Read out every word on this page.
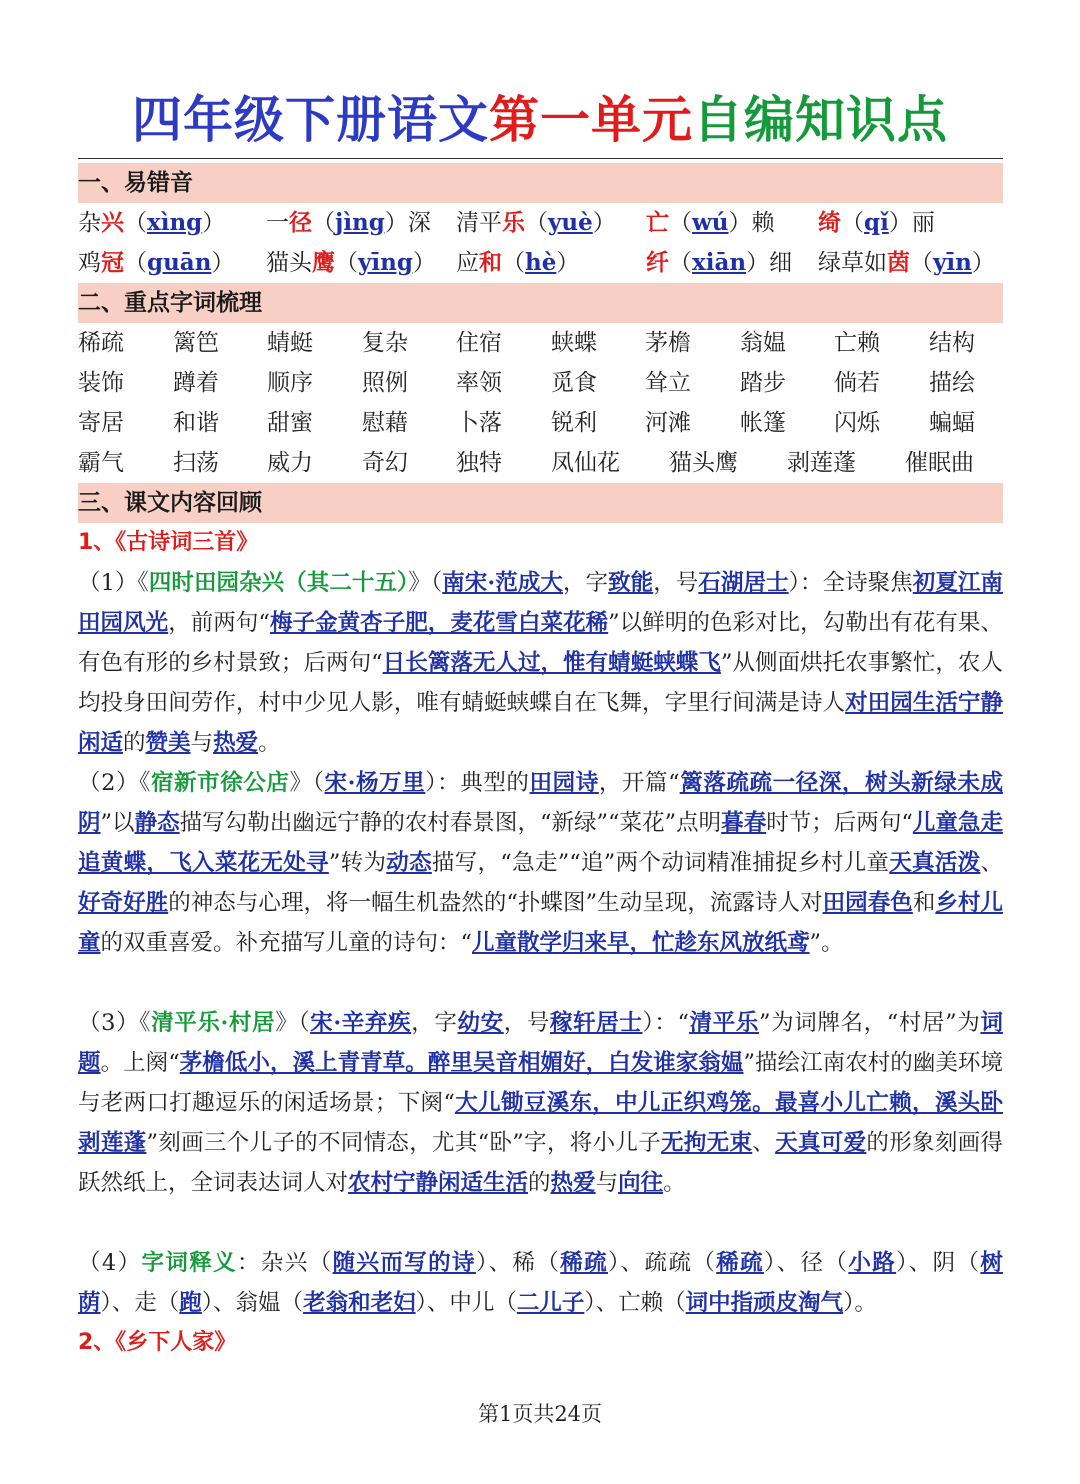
四年级下册语文第一单元自编知识点
一、易错音
杂兴（xìng） 一径（jìng）深 清平乐（yuè） 亡（wú）赖 绮（qǐ）丽
鸡冠（guān） 猫头鹰（yīng） 应和（hè）	纤（xiān）细 绿草如茵（yīn）
二、重点字词梳理
稀疏 篱笆 蜻蜓 复杂 住宿 蛱蝶 茅檐 翁媪 亡赖 结构
装饰 蹲着 顺序 照例 率领 觅食 耸立 踏步 倘若 描绘
寄居 和谐 甜蜜 慰藉 卜落 锐利 河滩 帐篷 闪烁 蝙蝠
霸气 扫荡 威力 奇幻 独特 凤仙花 猫头鹰 剥莲蓬 催眠曲
三、课文内容回顾
1、《古诗词三首》
（1）《四时田园杂兴（其二十五）》（南宋·范成大，字致能，号石湖居士）：全诗聚焦初夏江南田园风光，前两句“梅子金黄杏子肥，麦花雪白菜花稀”以鲜明的色彩对比，勾勒出有花有果、有色有形的乡村景致；后两句“日长篱落无人过，惟有蜻蜓蛱蝶飞”从侧面烘托农事繁忙，农人均投身田间劳作，村中少见人影，唯有蜻蜓蛱蝶自在飞舞，字里行间满是诗人对田园生活宁静闲适的赞美与热爱。
（2）《宿新市徐公店》（宋·杨万里）：典型的田园诗，开篇“篱落疏疏一径深，树头新绿未成阴”以静态描写勾勒出幽远宁静的农村春景图，“新绿”“菜花”点明暮春时节；后两句“儿童急走追黄蝶，飞入菜花无处寻”转为动态描写，“急走”“追”两个动词精准捕捉乡村儿童天真活泼、好奇好胜的神态与心理，将一幅生机盎然的“扑蝶图”生动呈现，流露诗人对田园春色和乡村儿童的双重喜爱。补充描写儿童的诗句：“儿童散学归来早，忙趁东风放纸鸢”。
（3）《清平乐·村居》（宋·辛弃疾，字幼安，号稼轩居士）：“清平乐”为词牌名，“村居”为词题。上阕“茅檐低小，溪上青青草。醉里吴音相媚好，白发谁家翁媪”描绘江南农村的幽美环境与老两口打趣逗乐的闲适场景；下阕“大儿锄豆溪东，中儿正织鸡笼。最喜小儿亡赖，溪头卧剥莲蓬”刻画三个儿子的不同情态，尤其“卧”字，将小儿子无拘无束、天真可爱的形象刻画得跃然纸上，全词表达词人对农村宁静闲适生活的热爱与向往。
（4）字词释义：杂兴（随兴而写的诗）、稀（稀疏）、疏疏（稀疏）、径（小路）、阴（树荫）、走（跑）、翁媪（老翁和老妇）、中儿（二儿子）、亡赖（词中指顽皮淘气）。
2、《乡下人家》
第1页共24页
